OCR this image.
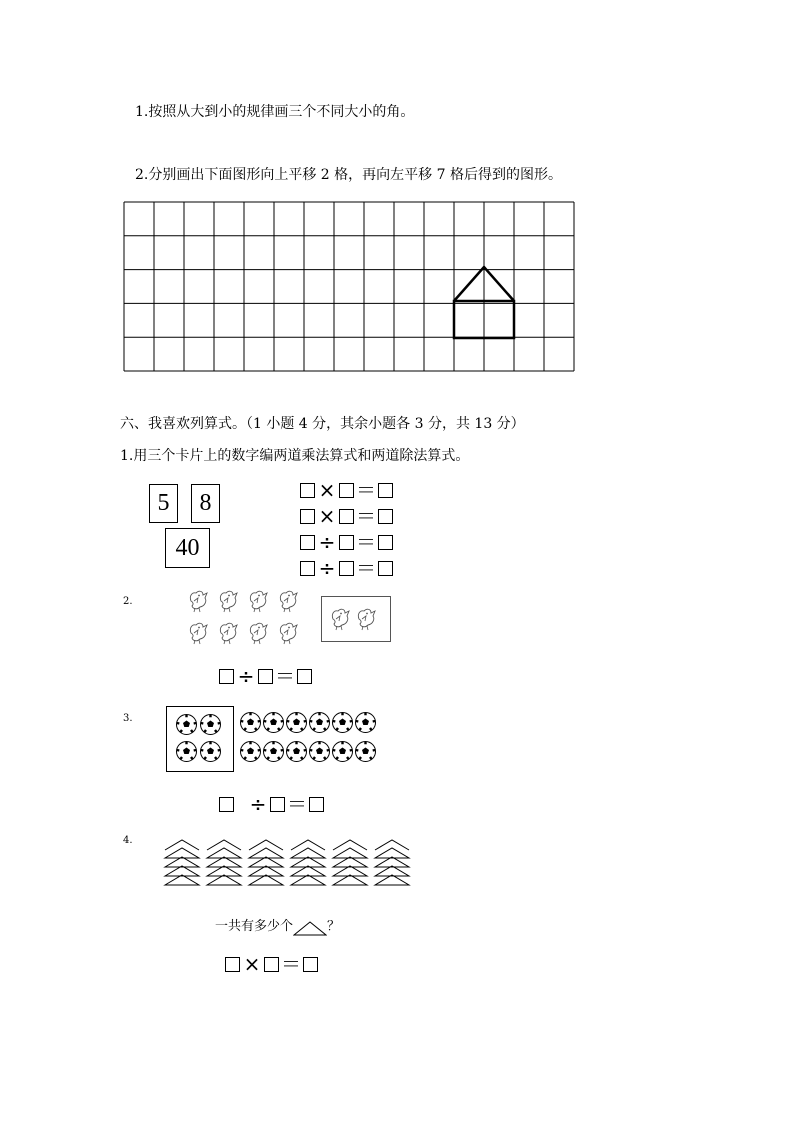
1.按照从大到小的规律画三个不同大小的角。
2.分别画出下面图形向上平移 2 格，再向左平移 7 格后得到的图形。
六、我喜欢列算式。（1 小题 4 分，其余小题各 3 分，共 13 分）
1.用三个卡片上的数字编两道乘法算式和两道除法算式。
5	8
40
× ＝
× ＝
÷ ＝
÷ ＝
2.
÷ ＝
3.
÷ ＝
4.
一共有多少个	？
× ＝
